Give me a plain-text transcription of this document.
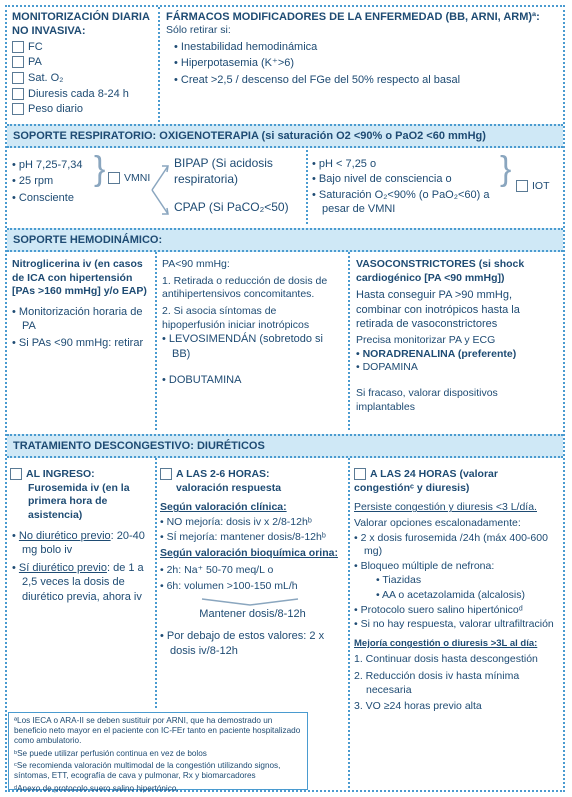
MONITORIZACIÓN DIARIA NO INVASIVA:
FC
PA
Sat. O₂
Diuresis cada 8-24 h
Peso diario
FÁRMACOS MODIFICADORES DE LA ENFERMEDAD (BB, ARNI, ARM)ª:
Sólo retirar si:
• Inestabilidad hemodinámica
• Hiperpotasemia (K⁺>6)
• Creat >2,5 / descenso del FGe del 50% respecto al basal
SOPORTE RESPIRATORIO: OXIGENOTERAPIA (si saturación O2 <90% o PaO2 <60 mmHg)
• pH 7,25-7,34
• 25 rpm
• Consciente
}	VMNI
BIPAP (Si acidosis respiratoria)
CPAP (Si PaCO₂<50)
• pH < 7,25 o
• Bajo nivel de consciencia o
• Saturación O₂<90% (o PaO₂<60) a pesar de VMNI
}	IOT
SOPORTE HEMODINÁMICO:
Nitroglicerina iv (en casos de ICA con hipertensión [PAs >160 mmHg] y/o EAP)
• Monitorización horaria de PA
• Si PAs <90 mmHg: retirar
PA<90 mmHg:
1. Retirada o reducción de dosis de antihipertensivos concomitantes.
2. Si asocia síntomas de hipoperfusión iniciar inotrópicos
• LEVOSIMENDÁN (sobretodo si BB)
• DOBUTAMINA
VASOCONSTRICTORES (si shock cardiogénico [PA <90 mmHg])
Hasta conseguir PA >90 mmHg, combinar con inotrópicos hasta la retirada de vasoconstrictores
Precisa monitorizar PA y ECG
• NORADRENALINA (preferente)
• DOPAMINA
Si fracaso, valorar dispositivos implantables
TRATAMIENTO DESCONGESTIVO: DIURÉTICOS
AL INGRESO:
Furosemida iv (en la primera hora de asistencia)
• No diurético previo: 20-40 mg bolo iv
• Sí diurético previo: de 1 a 2,5 veces la dosis de diurético previa, ahora iv
A LAS 2-6 HORAS:
valoración respuesta
Según valoración clínica:
• NO mejoría: dosis iv x 2/8-12hᵇ
• SÍ mejoría: mantener dosis/8-12hᵇ
Según valoración bioquímica orina:
• 2h: Na⁺ 50-70 meq/L o
• 6h: volumen >100-150 mL/h
Mantener dosis/8-12h
• Por debajo de estos valores: 2 x dosis iv/8-12h
A LAS 24 HORAS (valorar congestiónᶜ y diuresis)
Persiste congestión y diuresis <3 L/día.
Valorar opciones escalonadamente:
• 2 x dosis furosemida /24h (máx 400-600 mg)
• Bloqueo múltiple de nefrona:
• Tiazidas
• AA o acetazolamida (alcalosis)
• Protocolo suero salino hipertónicoᵈ
• Si no hay respuesta, valorar ultrafiltración
Mejoría congestión o diuresis >3L al día:
1. Continuar dosis hasta descongestión
2. Reducción dosis iv hasta mínima necesaria
3. VO ≥24 horas previo alta
ªLos IECA o ARA-II se deben sustituir por ARNI, que ha demostrado un beneficio neto mayor en el paciente con IC-FEr tanto en paciente hospitalizado como ambulatorio.
ᵇSe puede utilizar perfusión continua en vez de bolos
ᶜSe recomienda valoración multimodal de la congestión utilizando signos, síntomas, ETT, ecografía de cava y pulmonar, Rx y biomarcadores
ᵈAnexo de protocolo suero salino hipertónico.
